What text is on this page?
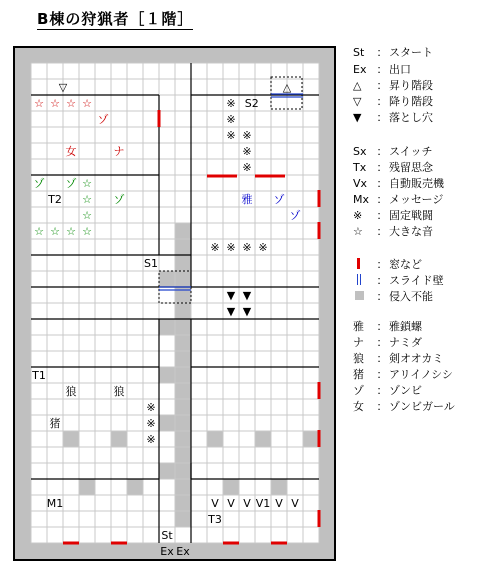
B棟の狩猟者［１階］
▽	△
☆ ☆ ☆ ☆
ゾ
女	ナ
※ S2
※
※ ※
※
※
ゾ ゾ ☆
T2 ☆ ゾ
☆
☆ ☆ ☆ ☆
雅 ゾ
ゾ
※ ※ ※ ※
S1
▼ ▼
▼ ▼
T1
狼	狼
※
猪	※
※
M1	V V V V1 V V
T3
St
Ex Ex
St ： スタート
Ex ： 出口
△ ： 昇り階段
▽ ： 降り階段
▼ ： 落とし穴
Sx ： スイッチ
Tx ： 残留思念
Vx ： 自動販売機
Mx ： メッセージ
※ ： 固定戦闘
☆ ： 大きな音
： 窓など
： スライド壁
： 侵入不能
雅 ： 雅鎖螺
ナ ： ナミダ
狼 ： 剣オオカミ
猪 ： アリイノシシ
ゾ ： ゾンビ
女 ： ゾンビガール
